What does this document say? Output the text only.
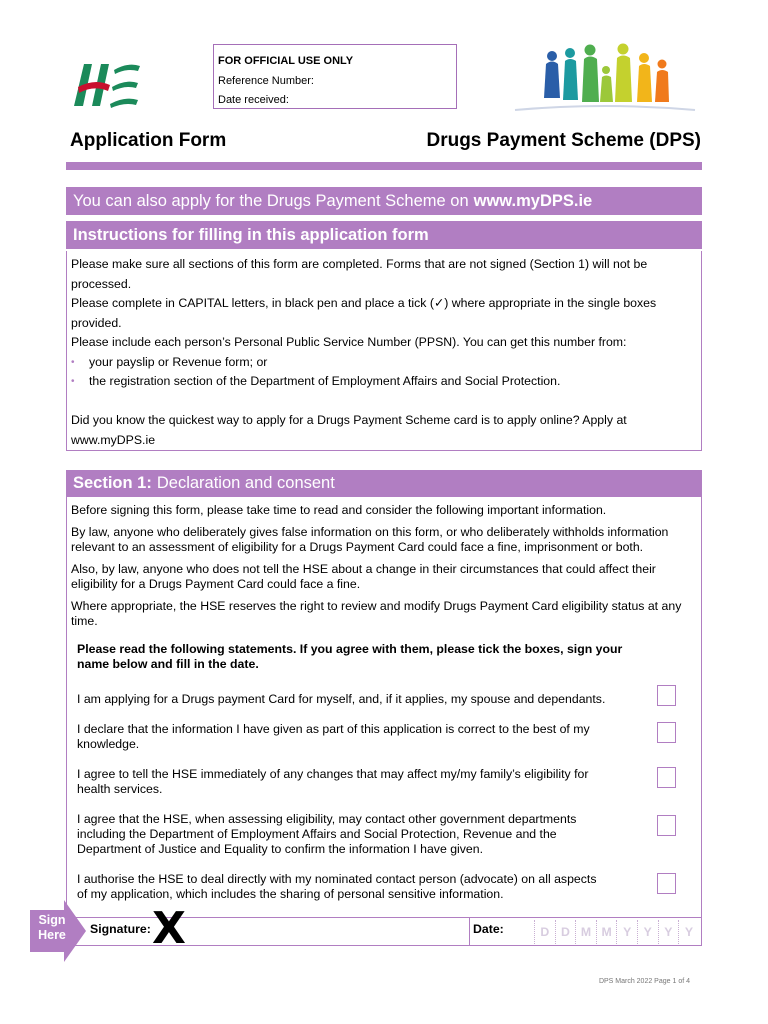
FOR OFFICIAL USE ONLY
Reference Number:
Date received:
Application Form	Drugs Payment Scheme (DPS)
You can also apply for the Drugs Payment Scheme on www.myDPS.ie
Instructions for filling in this application form

Please make sure all sections of this form are completed. Forms that are not signed (Section 1) will not be processed.

Please complete in CAPITAL letters, in black pen and place a tick (✓) where appropriate in the single boxes provided.

Please include each person’s Personal Public Service Number (PPSN). You can get this number from:

• your payslip or Revenue form; or
• the registration section of the Department of Employment Affairs and Social Protection.

Did you know the quickest way to apply for a Drugs Payment Scheme card is to apply online? Apply at www.myDPS.ie

Section 1: Declaration and consent

Before signing this form, please take time to read and consider the following important information.

By law, anyone who deliberately gives false information on this form, or who deliberately withholds information relevant to an assessment of eligibility for a Drugs Payment Card could face a fine, imprisonment or both.

Also, by law, anyone who does not tell the HSE about a change in their circumstances that could affect their eligibility for a Drugs Payment Card could face a fine.

Where appropriate, the HSE reserves the right to review and modify Drugs Payment Card eligibility status at any time.

Please read the following statements. If you agree with them, please tick the boxes, sign your name below and fill in the date.

I am applying for a Drugs payment Card for myself, and, if it applies, my spouse and dependants.
I declare that the information I have given as part of this application is correct to the best of my knowledge.
I agree to tell the HSE immediately of any changes that may affect my/my family’s eligibility for health services.
I agree that the HSE, when assessing eligibility, may contact other government departments including the Department of Employment Affairs and Social Protection, Revenue and the Department of Justice and Equality to confirm the information I have given.
I authorise the HSE to deal directly with my nominated contact person (advocate) on all aspects of my application, which includes the sharing of personal sensitive information.
Sign
Here	Signature: X	Date:	D D M M Y	Y	Y	Y
DPS March 2022 Page 1 of 4
